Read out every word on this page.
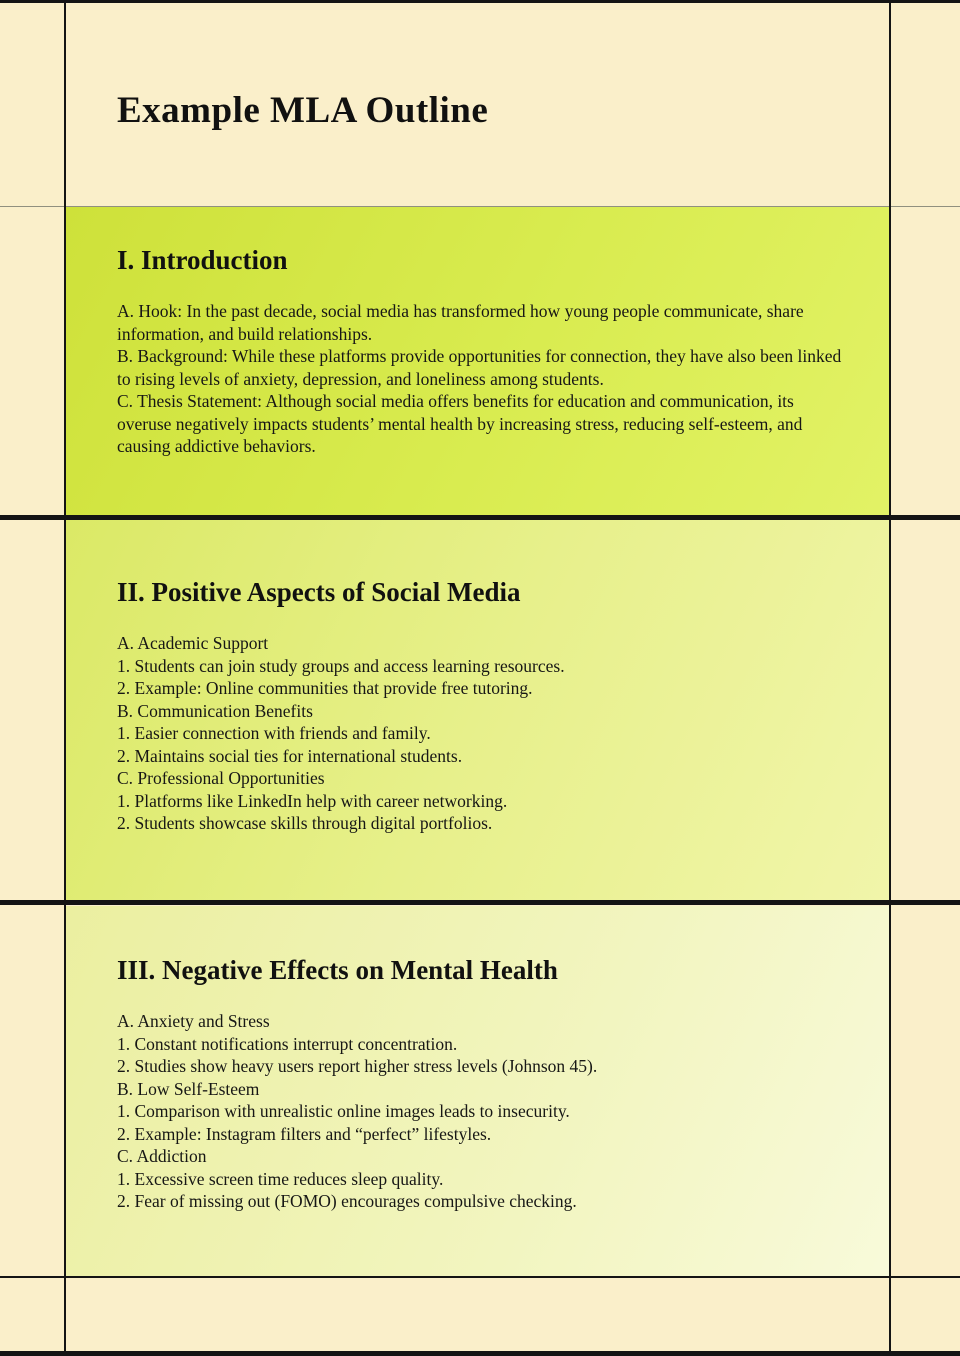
Example MLA Outline
I. Introduction
A. Hook: In the past decade, social media has transformed how young people communicate, share information, and build relationships.
B. Background: While these platforms provide opportunities for connection, they have also been linked to rising levels of anxiety, depression, and loneliness among students.
C. Thesis Statement: Although social media offers benefits for education and communication, its overuse negatively impacts students’ mental health by increasing stress, reducing self-esteem, and causing addictive behaviors.
II. Positive Aspects of Social Media
A. Academic Support
1. Students can join study groups and access learning resources.
2. Example: Online communities that provide free tutoring.
B. Communication Benefits
1. Easier connection with friends and family.
2. Maintains social ties for international students.
C. Professional Opportunities
1. Platforms like LinkedIn help with career networking.
2. Students showcase skills through digital portfolios.
III. Negative Effects on Mental Health
A. Anxiety and Stress
1. Constant notifications interrupt concentration.
2. Studies show heavy users report higher stress levels (Johnson 45).
B. Low Self-Esteem
1. Comparison with unrealistic online images leads to insecurity.
2. Example: Instagram filters and “perfect” lifestyles.
C. Addiction
1. Excessive screen time reduces sleep quality.
2. Fear of missing out (FOMO) encourages compulsive checking.
